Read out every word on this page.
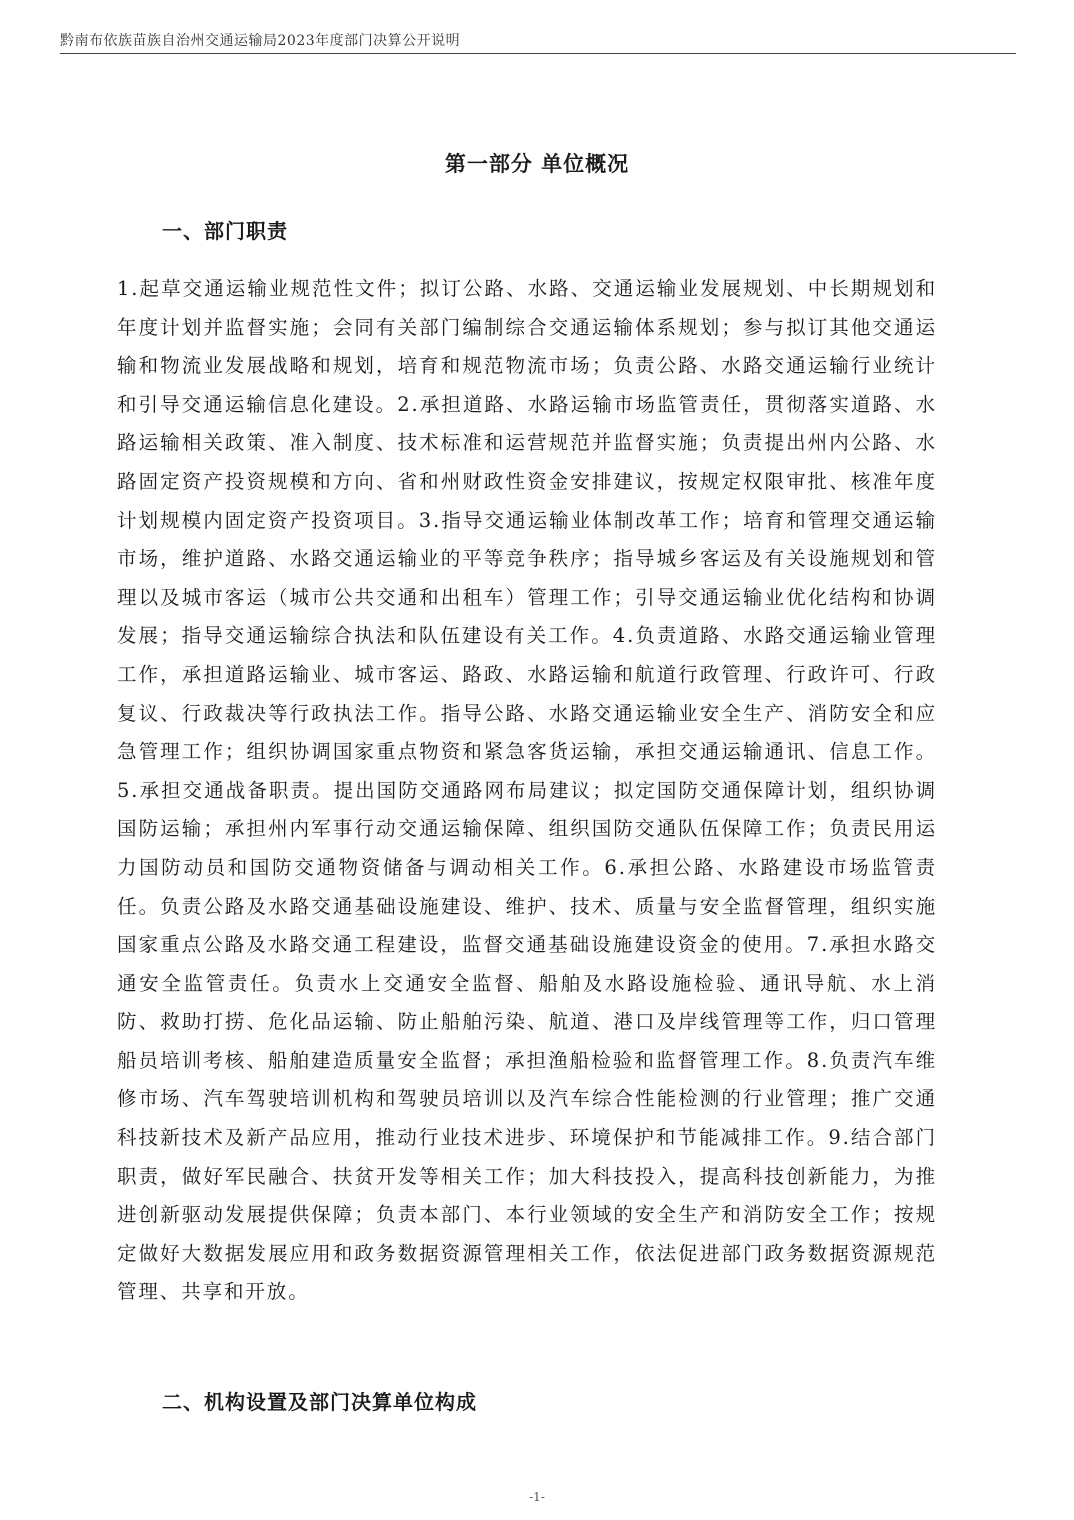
黔南布依族苗族自治州交通运输局2023年度部门决算公开说明
第一部分 单位概况
一、部门职责
1.起草交通运输业规范性文件；拟订公路、水路、交通运输业发展规划、中长期规划和年度计划并监督实施；会同有关部门编制综合交通运输体系规划；参与拟订其他交通运输和物流业发展战略和规划，培育和规范物流市场；负责公路、水路交通运输行业统计和引导交通运输信息化建设。2.承担道路、水路运输市场监管责任，贯彻落实道路、水路运输相关政策、准入制度、技术标准和运营规范并监督实施；负责提出州内公路、水路固定资产投资规模和方向、省和州财政性资金安排建议，按规定权限审批、核准年度计划规模内固定资产投资项目。3.指导交通运输业体制改革工作；培育和管理交通运输市场，维护道路、水路交通运输业的平等竞争秩序；指导城乡客运及有关设施规划和管理以及城市客运（城市公共交通和出租车）管理工作；引导交通运输业优化结构和协调发展；指导交通运输综合执法和队伍建设有关工作。4.负责道路、水路交通运输业管理工作，承担道路运输业、城市客运、路政、水路运输和航道行政管理、行政许可、行政复议、行政裁决等行政执法工作。指导公路、水路交通运输业安全生产、消防安全和应急管理工作；组织协调国家重点物资和紧急客货运输，承担交通运输通讯、信息工作。5.承担交通战备职责。提出国防交通路网布局建议；拟定国防交通保障计划，组织协调国防运输；承担州内军事行动交通运输保障、组织国防交通队伍保障工作；负责民用运力国防动员和国防交通物资储备与调动相关工作。6.承担公路、水路建设市场监管责任。负责公路及水路交通基础设施建设、维护、技术、质量与安全监督管理，组织实施国家重点公路及水路交通工程建设，监督交通基础设施建设资金的使用。7.承担水路交通安全监管责任。负责水上交通安全监督、船舶及水路设施检验、通讯导航、水上消防、救助打捞、危化品运输、防止船舶污染、航道、港口及岸线管理等工作，归口管理船员培训考核、船舶建造质量安全监督；承担渔船检验和监督管理工作。8.负责汽车维修市场、汽车驾驶培训机构和驾驶员培训以及汽车综合性能检测的行业管理；推广交通科技新技术及新产品应用，推动行业技术进步、环境保护和节能减排工作。9.结合部门职责，做好军民融合、扶贫开发等相关工作；加大科技投入，提高科技创新能力，为推进创新驱动发展提供保障；负责本部门、本行业领域的安全生产和消防安全工作；按规定做好大数据发展应用和政务数据资源管理相关工作，依法促进部门政务数据资源规范管理、共享和开放。
二、机构设置及部门决算单位构成
-1-
